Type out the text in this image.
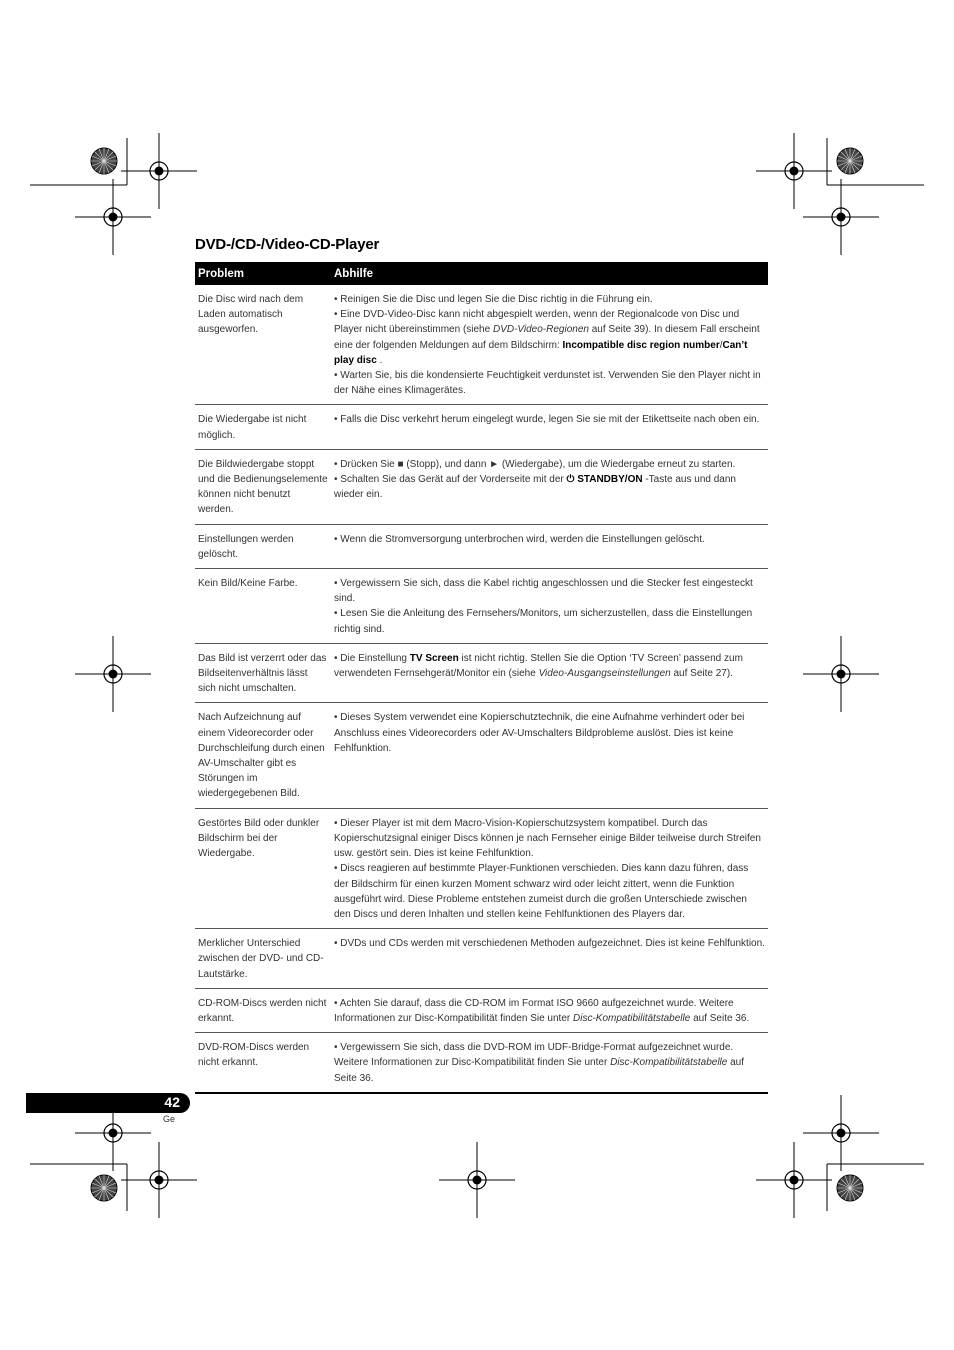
DVD-/CD-/Video-CD-Player
Problem	Abhilfe
Die Disc wird nach dem Laden automatisch ausgeworfen.	• Reinigen Sie die Disc und legen Sie die Disc richtig in die Führung ein.
• Eine DVD-Video-Disc kann nicht abgespielt werden, wenn der Regionalcode von Disc und Player nicht übereinstimmen (siehe DVD-Video-Regionen auf Seite 39). In diesem Fall erscheint eine der folgenden Meldungen auf dem Bildschirm: Incompatible disc region number/Can’t play disc .
• Warten Sie, bis die kondensierte Feuchtigkeit verdunstet ist. Verwenden Sie den Player nicht in der Nähe eines Klimagerätes.

Die Wiedergabe ist nicht möglich.	• Falls die Disc verkehrt herum eingelegt wurde, legen Sie sie mit der Etikettseite nach oben ein.

Die Bildwiedergabe stoppt und die Bedienungselemente können nicht benutzt werden.	• Drücken Sie ■ (Stopp), und dann ► (Wiedergabe), um die Wiedergabe erneut zu starten.
• Schalten Sie das Gerät auf der Vorderseite mit der ⏻ STANDBY/ON -Taste aus und dann wieder ein.

Einstellungen werden gelöscht.	• Wenn die Stromversorgung unterbrochen wird, werden die Einstellungen gelöscht.

Kein Bild/Keine Farbe.	• Vergewissern Sie sich, dass die Kabel richtig angeschlossen und die Stecker fest eingesteckt sind.
• Lesen Sie die Anleitung des Fernsehers/Monitors, um sicherzustellen, dass die Einstellungen richtig sind.

Das Bild ist verzerrt oder das Bildseitenverhältnis lässt sich nicht umschalten.	• Die Einstellung TV Screen ist nicht richtig. Stellen Sie die Option ‘TV Screen’ passend zum verwendeten Fernsehgerät/Monitor ein (siehe Video-Ausgangseinstellungen auf Seite 27).

Nach Aufzeichnung auf einem Videorecorder oder Durchschleifung durch einen AV-Umschalter gibt es Störungen im wiedergegebenen Bild.	• Dieses System verwendet eine Kopierschutztechnik, die eine Aufnahme verhindert oder bei Anschluss eines Videorecorders oder AV-Umschalters Bildprobleme auslöst. Dies ist keine Fehlfunktion.

Gestörtes Bild oder dunkler Bildschirm bei der Wiedergabe.	• Dieser Player ist mit dem Macro-Vision-Kopierschutzsystem kompatibel. Durch das Kopierschutzsignal einiger Discs können je nach Fernseher einige Bilder teilweise durch Streifen usw. gestört sein. Dies ist keine Fehlfunktion.
• Discs reagieren auf bestimmte Player-Funktionen verschieden. Dies kann dazu führen, dass der Bildschirm für einen kurzen Moment schwarz wird oder leicht zittert, wenn die Funktion ausgeführt wird. Diese Probleme entstehen zumeist durch die großen Unterschiede zwischen den Discs und deren Inhalten und stellen keine Fehlfunktionen des Players dar.

Merklicher Unterschied zwischen der DVD- und CD-Lautstärke.	• DVDs und CDs werden mit verschiedenen Methoden aufgezeichnet. Dies ist keine Fehlfunktion.

CD-ROM-Discs werden nicht erkannt.	• Achten Sie darauf, dass die CD-ROM im Format ISO 9660 aufgezeichnet wurde. Weitere Informationen zur Disc-Kompatibilität finden Sie unter Disc-Kompatibilitätstabelle auf Seite 36.

DVD-ROM-Discs werden nicht erkannt.	• Vergewissern Sie sich, dass die DVD-ROM im UDF-Bridge-Format aufgezeichnet wurde. Weitere Informationen zur Disc-Kompatibilität finden Sie unter Disc-Kompatibilitätstabelle auf Seite 36.
42
Ge
